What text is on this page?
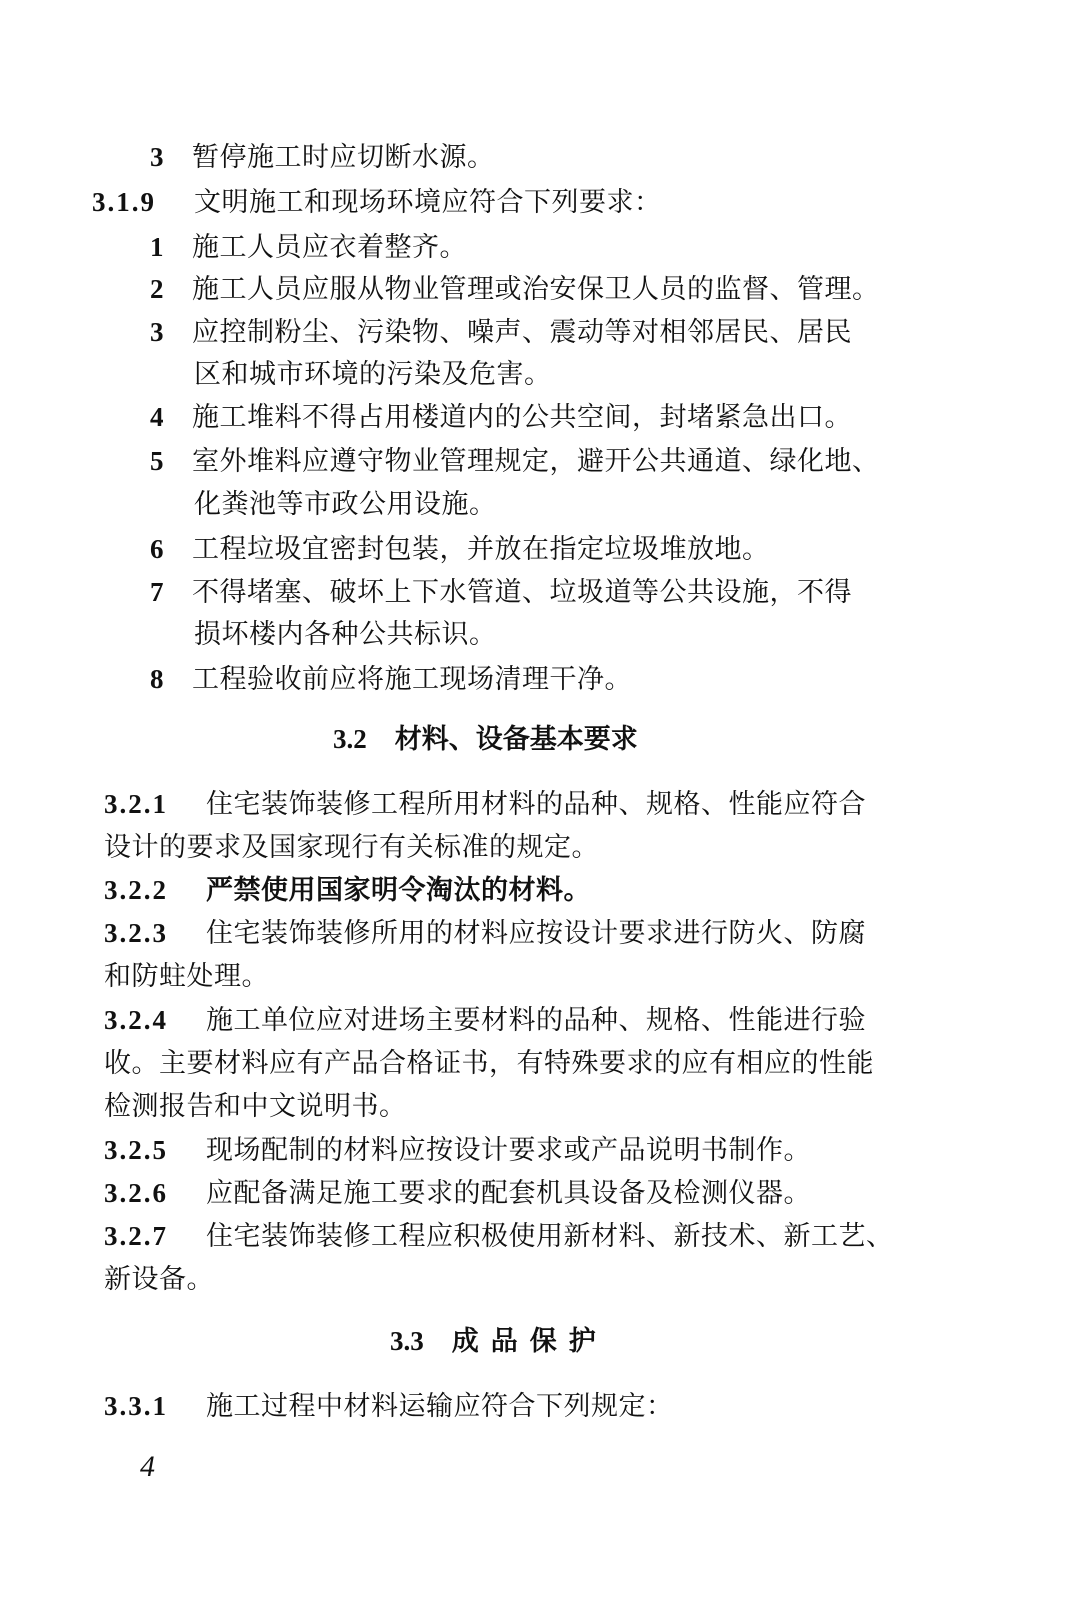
3 暂停施工时应切断水源。
3.1.9 文明施工和现场环境应符合下列要求：
1 施工人员应衣着整齐。
2 施工人员应服从物业管理或治安保卫人员的监督、管理。
3 应控制粉尘、污染物、噪声、震动等对相邻居民、居民
区和城市环境的污染及危害。
4 施工堆料不得占用楼道内的公共空间，封堵紧急出口。
5 室外堆料应遵守物业管理规定，避开公共通道、绿化地、
化粪池等市政公用设施。
6 工程垃圾宜密封包装，并放在指定垃圾堆放地。
7 不得堵塞、破坏上下水管道、垃圾道等公共设施，不得
损坏楼内各种公共标识。
8 工程验收前应将施工现场清理干净。
3.2 材料、设备基本要求
3.2.1 住宅装饰装修工程所用材料的品种、规格、性能应符合
设计的要求及国家现行有关标准的规定。
3.2.2 严禁使用国家明令淘汰的材料。
3.2.3 住宅装饰装修所用的材料应按设计要求进行防火、防腐
和防蛀处理。
3.2.4 施工单位应对进场主要材料的品种、规格、性能进行验
收。主要材料应有产品合格证书，有特殊要求的应有相应的性能
检测报告和中文说明书。
3.2.5 现场配制的材料应按设计要求或产品说明书制作。
3.2.6 应配备满足施工要求的配套机具设备及检测仪器。
3.2.7 住宅装饰装修工程应积极使用新材料、新技术、新工艺、
新设备。
3.3 成品保护
3.3.1 施工过程中材料运输应符合下列规定：
4
